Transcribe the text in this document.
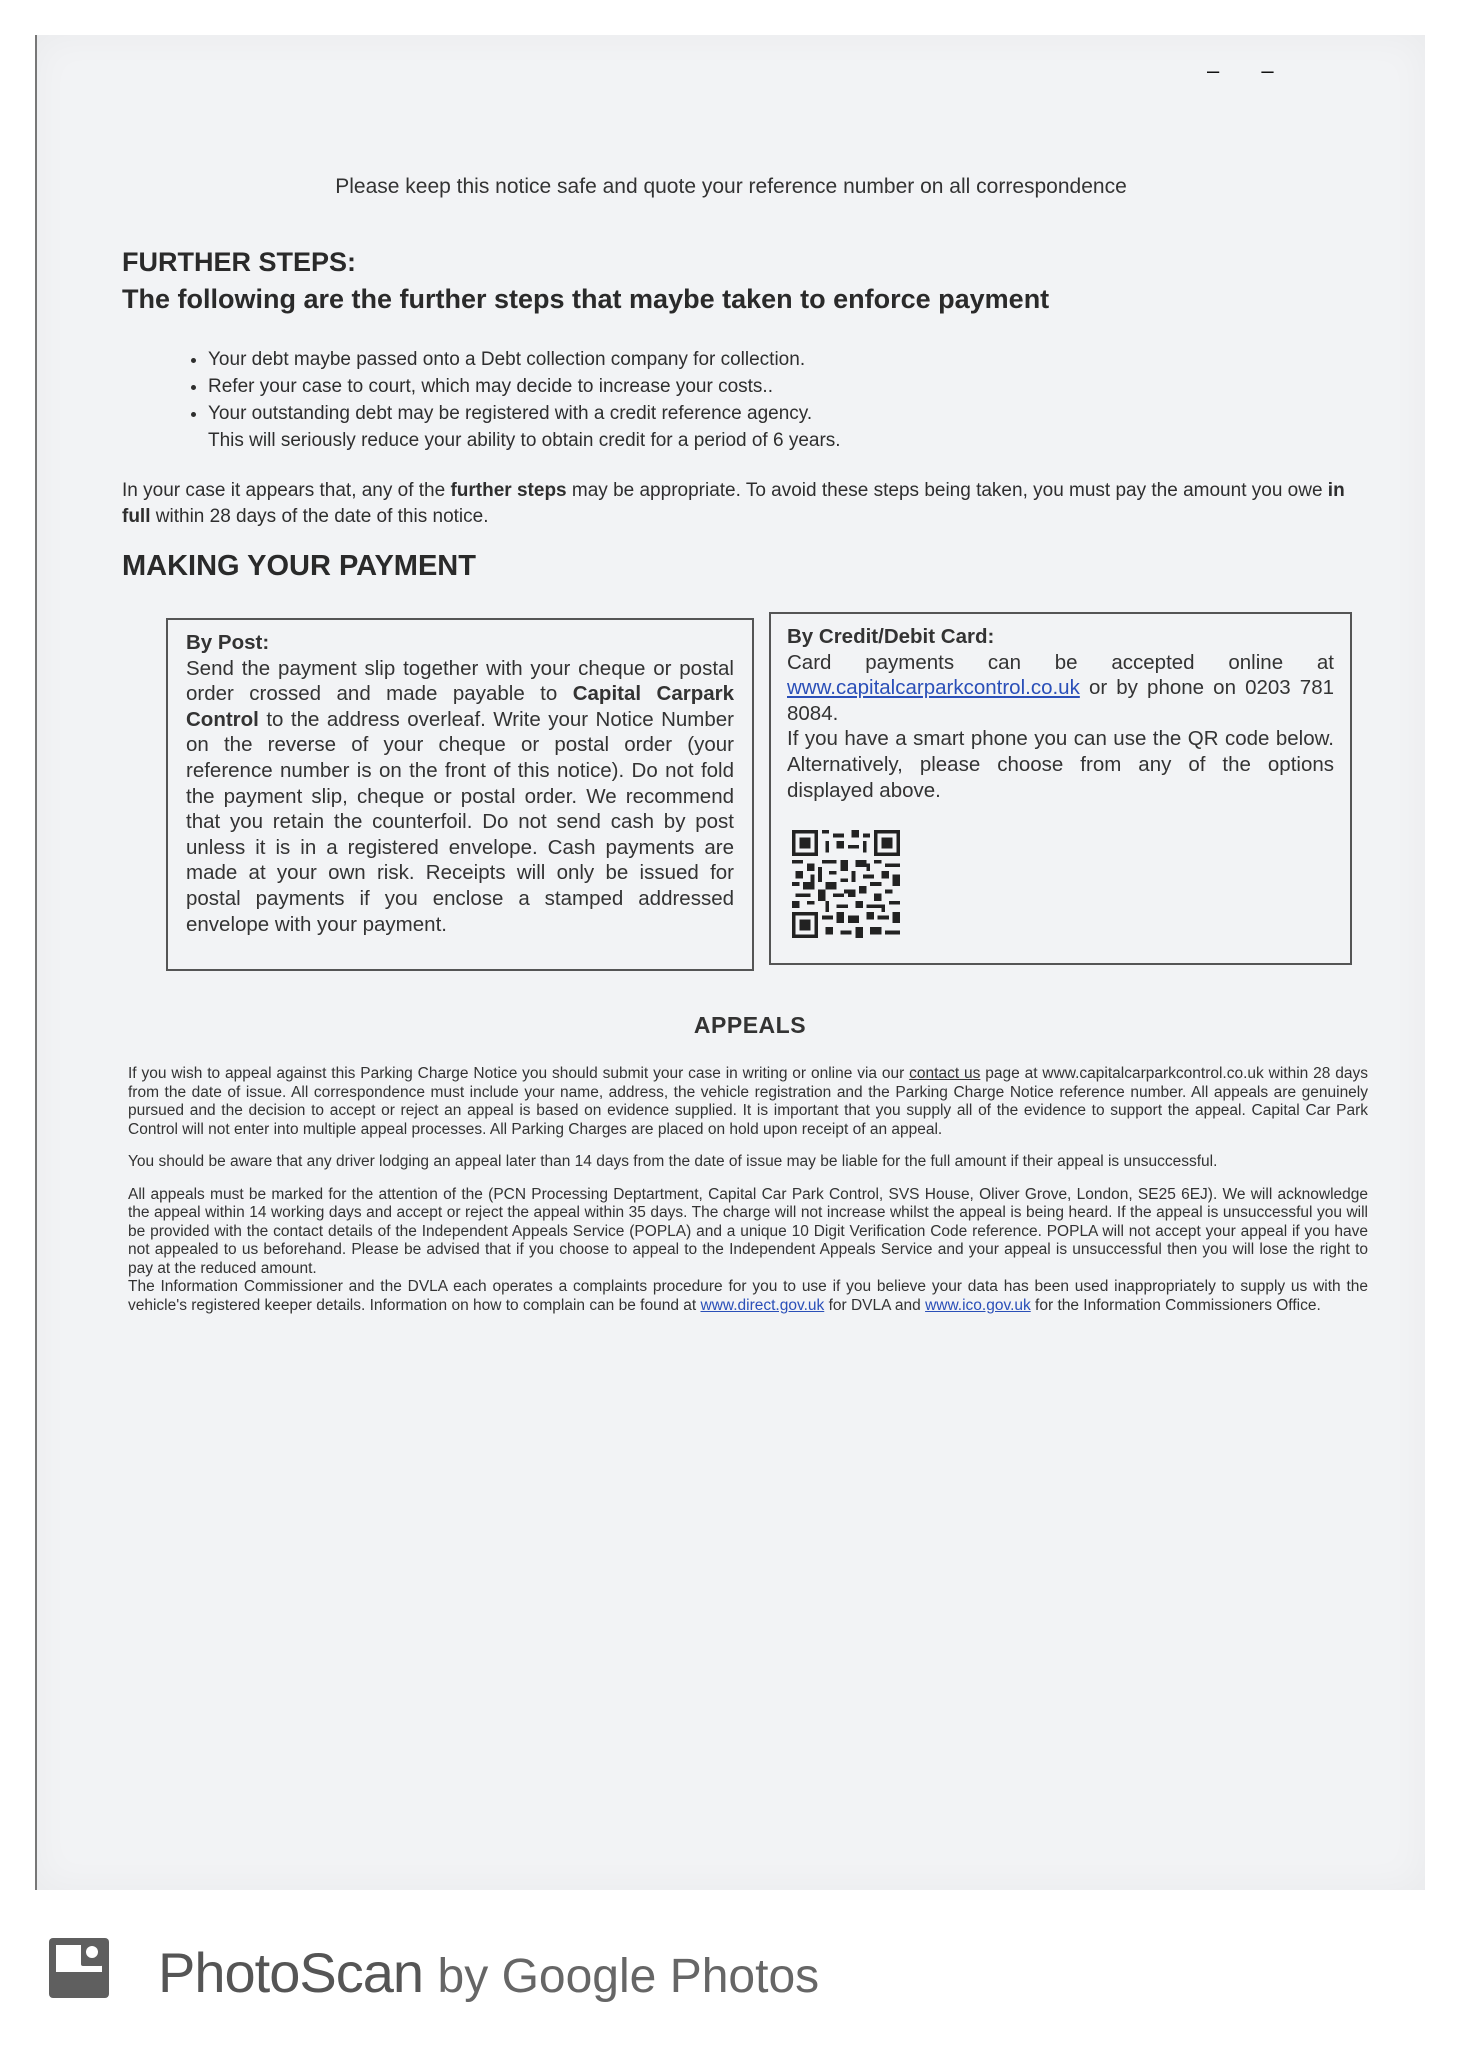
‒ ‒
Please keep this notice safe and quote your reference number on all correspondence
FURTHER STEPS:
The following are the further steps that maybe taken to enforce payment
• Your debt maybe passed onto a Debt collection company for collection.
• Refer your case to court, which may decide to increase your costs..
• Your outstanding debt may be registered with a credit reference agency.
This will seriously reduce your ability to obtain credit for a period of 6 years.
In your case it appears that, any of the further steps may be appropriate. To avoid these steps being taken, you must pay the amount you owe in full within 28 days of the date of this notice.
MAKING YOUR PAYMENT
By Post:
Send the payment slip together with your cheque or postal order crossed and made payable to Capital Carpark Control to the address overleaf. Write your Notice Number on the reverse of your cheque or postal order (your reference number is on the front of this notice). Do not fold the payment slip, cheque or postal order. We recommend that you retain the counterfoil. Do not send cash by post unless it is in a registered envelope. Cash payments are made at your own risk. Receipts will only be issued for postal payments if you enclose a stamped addressed envelope with your payment.
By Credit/Debit Card:
Card payments can be accepted online at www.capitalcarparkcontrol.co.uk or by phone on 0203 781 8084.
If you have a smart phone you can use the QR code below. Alternatively, please choose from any of the options displayed above.
APPEALS

If you wish to appeal against this Parking Charge Notice you should submit your case in writing or online via our contact us page at www.capitalcarparkcontrol.co.uk within 28 days from the date of issue. All correspondence must include your name, address, the vehicle registration and the Parking Charge Notice reference number. All appeals are genuinely pursued and the decision to accept or reject an appeal is based on evidence supplied. It is important that you supply all of the evidence to support the appeal. Capital Car Park Control will not enter into multiple appeal processes. All Parking Charges are placed on hold upon receipt of an appeal.

You should be aware that any driver lodging an appeal later than 14 days from the date of issue may be liable for the full amount if their appeal is unsuccessful.

All appeals must be marked for the attention of the (PCN Processing Deptartment, Capital Car Park Control, SVS House, Oliver Grove, London, SE25 6EJ). We will acknowledge the appeal within 14 working days and accept or reject the appeal within 35 days. The charge will not increase whilst the appeal is being heard. If the appeal is unsuccessful you will be provided with the contact details of the Independent Appeals Service (POPLA) and a unique 10 Digit Verification Code reference. POPLA will not accept your appeal if you have not appealed to us beforehand. Please be advised that if you choose to appeal to the Independent Appeals Service and your appeal is unsuccessful then you will lose the right to pay at the reduced amount.

The Information Commissioner and the DVLA each operates a complaints procedure for you to use if you believe your data has been used inappropriately to supply us with the vehicle's registered keeper details. Information on how to complain can be found at www.direct.gov.uk for DVLA and www.ico.gov.uk for the Information Commissioners Office.

PhotoScan by Google Photos
